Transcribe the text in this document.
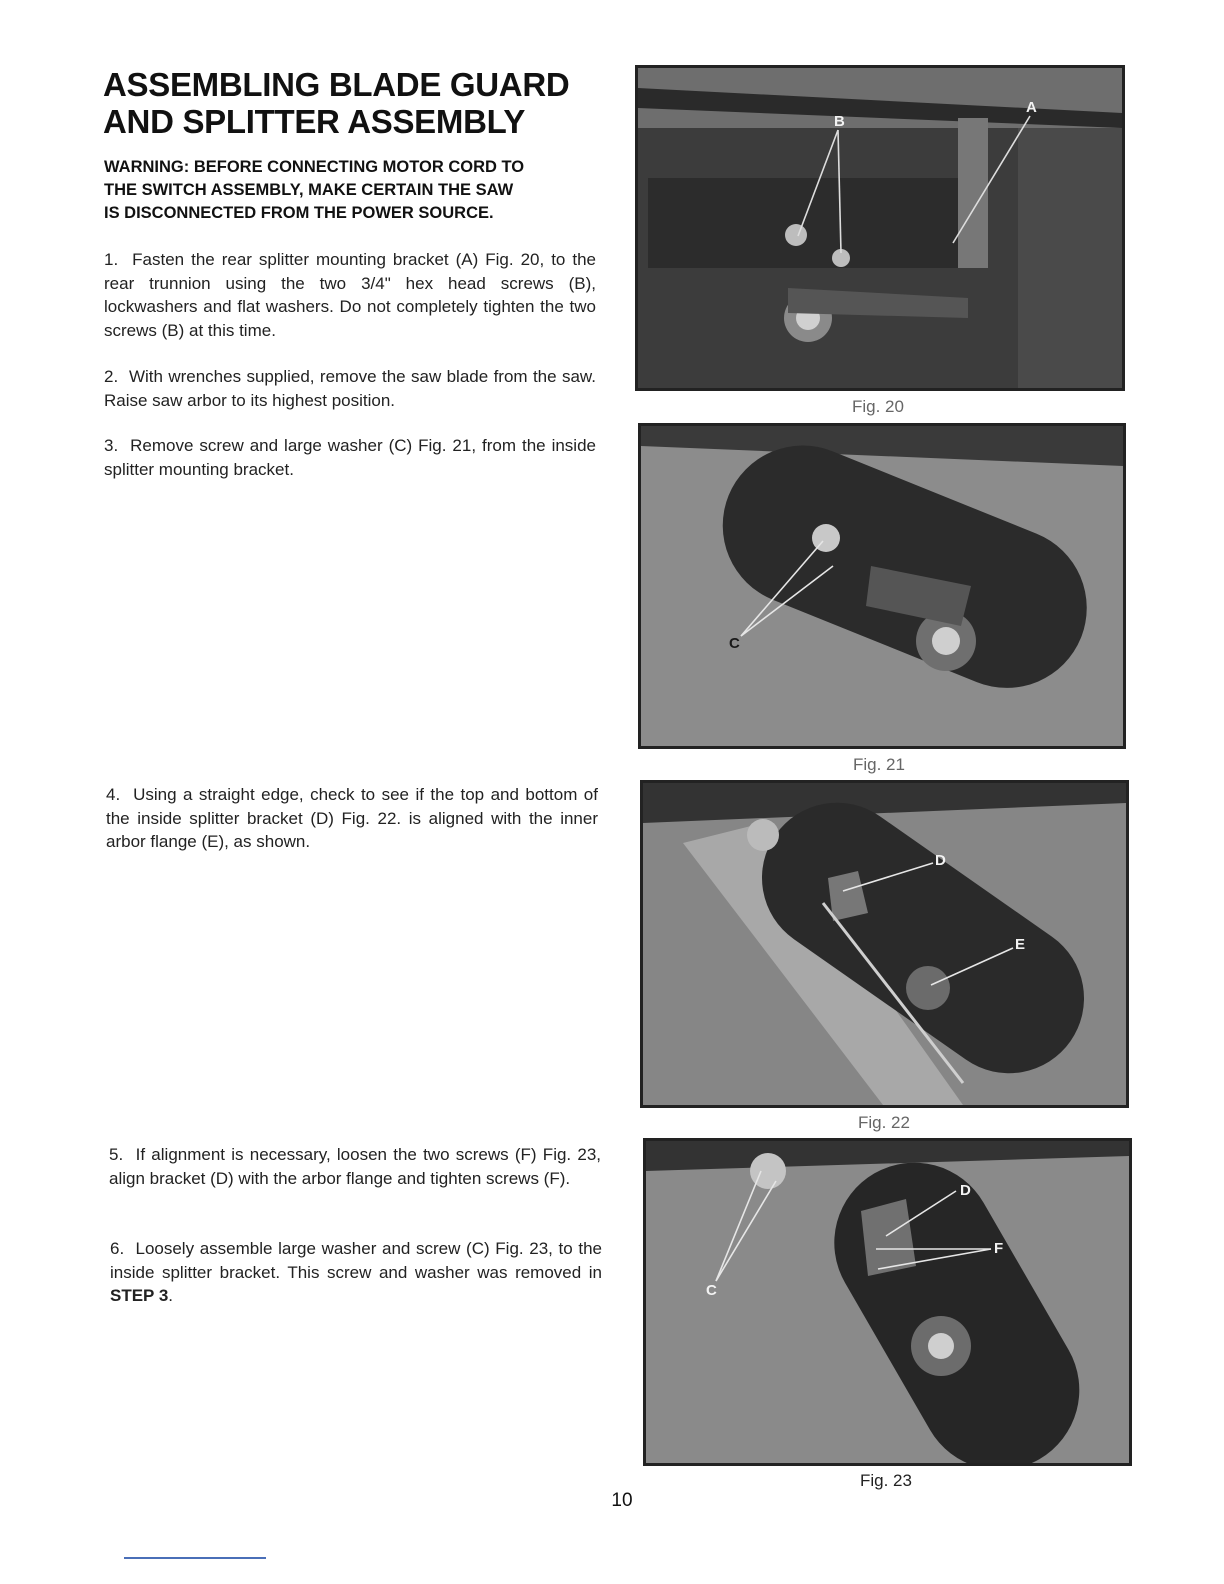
ASSEMBLING BLADE GUARD
AND SPLITTER ASSEMBLY
WARNING: BEFORE CONNECTING MOTOR CORD TO
THE SWITCH ASSEMBLY, MAKE CERTAIN THE SAW
IS DISCONNECTED FROM THE POWER SOURCE.
1. Fasten the rear splitter mounting bracket (A) Fig. 20, to the rear trunnion using the two 3/4" hex head screws (B), lockwashers and flat washers. Do not completely tighten the two screws (B) at this time.
2. With wrenches supplied, remove the saw blade from the saw. Raise saw arbor to its highest position.
3. Remove screw and large washer (C) Fig. 21, from the inside splitter mounting bracket.
4. Using a straight edge, check to see if the top and bottom of the inside splitter bracket (D) Fig. 22. is aligned with the inner arbor flange (E), as shown.
5. If alignment is necessary, loosen the two screws (F) Fig. 23, align bracket (D) with the arbor flange and tighten screws (F).
6. Loosely assemble large washer and screw (C) Fig. 23, to the inside splitter bracket. This screw and washer was removed in STEP 3.
B
A
Fig. 20
C
Fig. 21
D
E
Fig. 22
D
F
C
Fig. 23
10
